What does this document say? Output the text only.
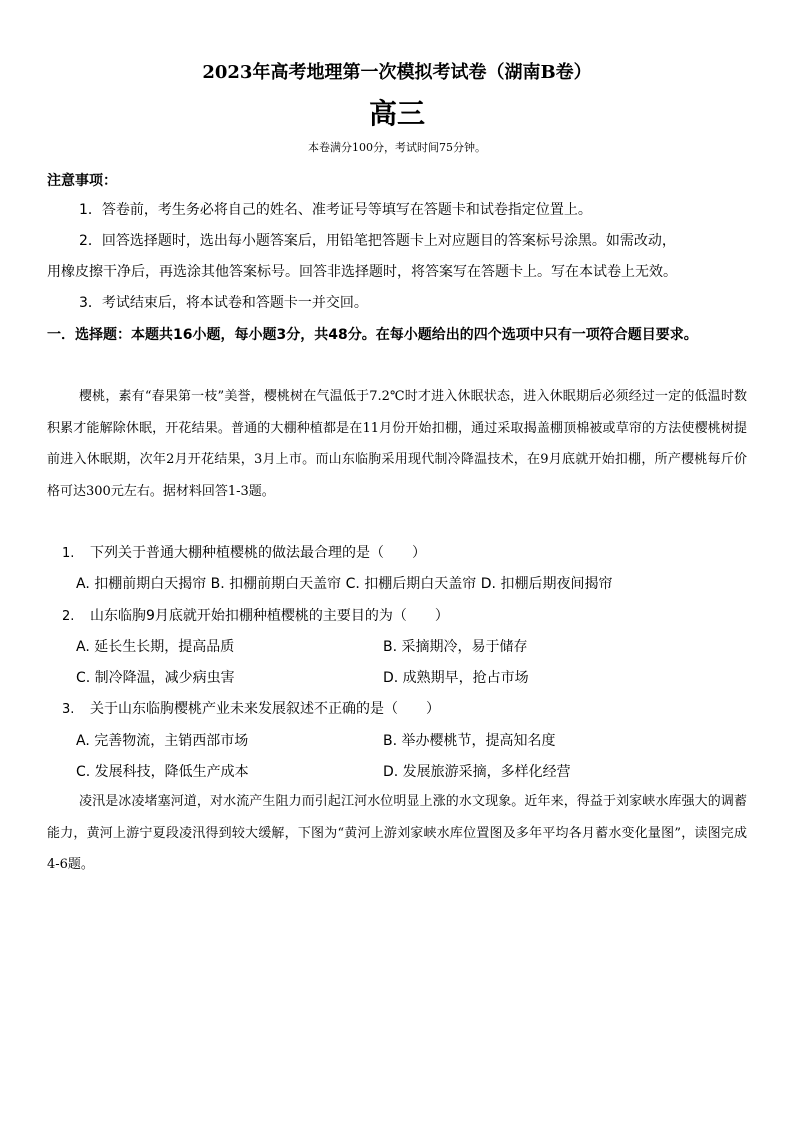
2023年高考地理第一次模拟考试卷（湖南B卷）
高三
本卷满分100分，考试时间75分钟。
注意事项：
1．答卷前，考生务必将自己的姓名、准考证号等填写在答题卡和试卷指定位置上。
2．回答选择题时，选出每小题答案后，用铅笔把答题卡上对应题目的答案标号涂黑。如需改动，
用橡皮擦干净后，再选涂其他答案标号。回答非选择题时，将答案写在答题卡上。写在本试卷上无效。
3．考试结束后，将本试卷和答题卡一并交回。
一．选择题：本题共16小题，每小题3分，共48分。在每小题给出的四个选项中只有一项符合题目要求。
樱桃，素有“春果第一枝”美誉，樱桃树在气温低于7.2℃时才进入休眠状态，进入休眠期后必须经过一定的低温时数积累才能解除休眠，开花结果。普通的大棚种植都是在11月份开始扣棚，通过采取揭盖棚顶棉被或草帘的方法使樱桃树提前进入休眠期，次年2月开花结果，3月上市。而山东临朐采用现代制冷降温技术，在9月底就开始扣棚，所产樱桃每斤价格可达300元左右。据材料回答1-3题。
1. 下列关于普通大棚种植樱桃的做法最合理的是（　　）
A. 扣棚前期白天揭帘 B. 扣棚前期白天盖帘 C. 扣棚后期白天盖帘 D. 扣棚后期夜间揭帘
2. 山东临朐9月底就开始扣棚种植樱桃的主要目的为（　　）
A. 延长生长期，提高品质	B. 采摘期冷，易于储存
C. 制冷降温，减少病虫害	D. 成熟期早，抢占市场
3. 关于山东临朐樱桃产业未来发展叙述不正确的是（　　）
A. 完善物流，主销西部市场	B. 举办樱桃节，提高知名度
C. 发展科技，降低生产成本	D. 发展旅游采摘，多样化经营
凌汛是冰凌堵塞河道，对水流产生阻力而引起江河水位明显上涨的水文现象。近年来，得益于刘家峡水库强大的调蓄能力，黄河上游宁夏段凌汛得到较大缓解，下图为“黄河上游刘家峡水库位置图及多年平均各月蓄水变化量图”，读图完成4-6题。
